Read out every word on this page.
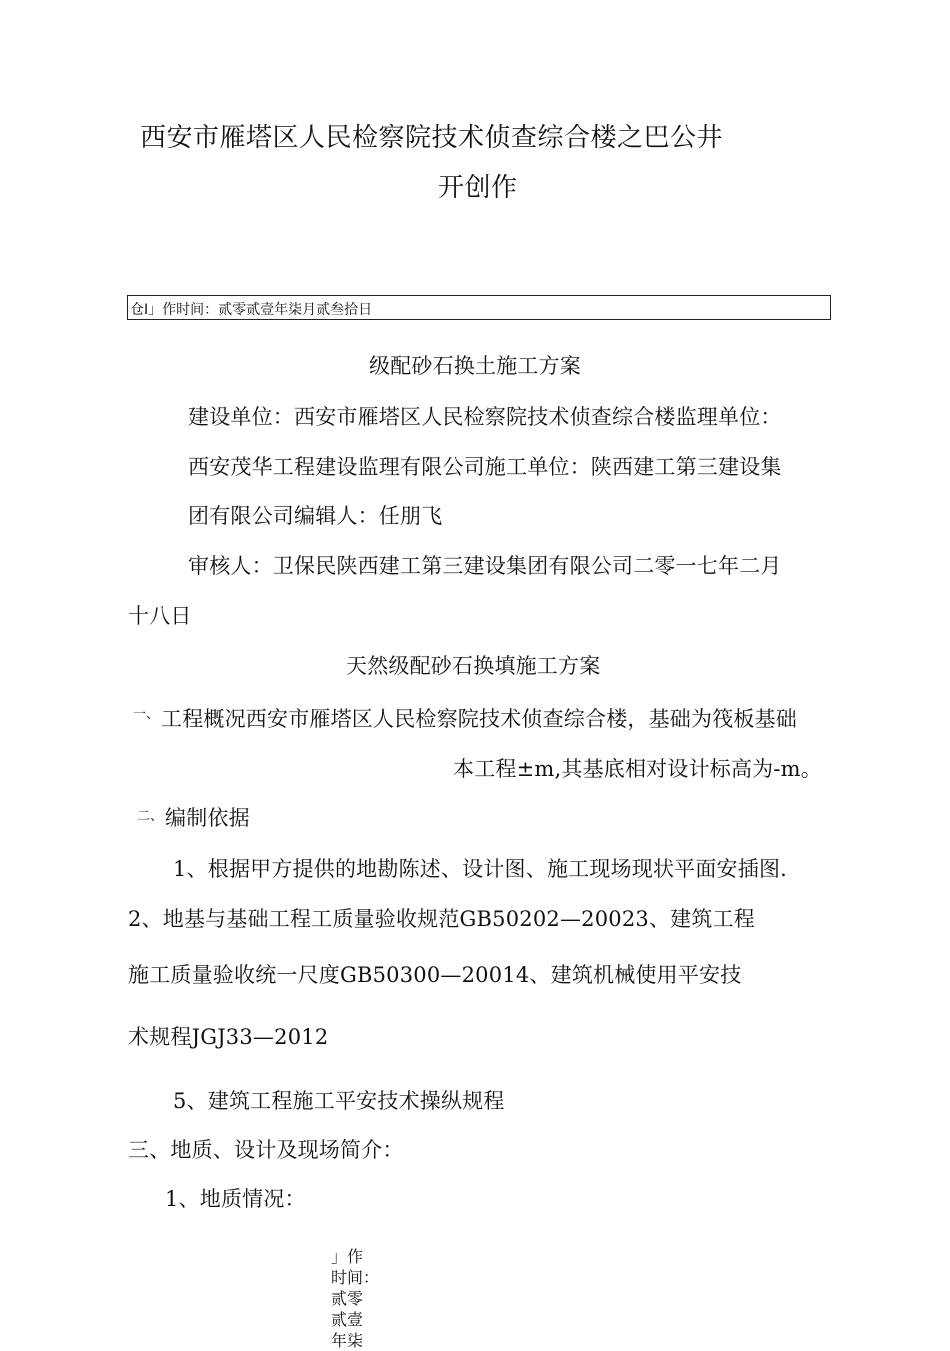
西安市雁塔区人民检察院技术侦查综合楼之巴公井
开创作
仓I」作时间：贰零贰壹年柒月贰叁拾日
级配砂石换土施工方案
建设单位：西安市雁塔区人民检察院技术侦查综合楼监理单位：
西安茂华工程建设监理有限公司施工单位：陕西建工第三建设集
团有限公司编辑人：任朋飞
审核人：卫保民陕西建工第三建设集团有限公司二零一七年二月
十八日
天然级配砂石换填施工方案
一、 工程概况西安市雁塔区人民检察院技术侦查综合楼，基础为筏板基础
本工程±m,其基底相对设计标高为-m。
二、 编制依据
1、根据甲方提供的地勘陈述、设计图、施工现场现状平面安插图.
2、地基与基础工程工质量验收规范GB50202—20023、建筑工程
施工质量验收统一尺度GB50300—20014、建筑机械使用平安技
术规程JGJ33—2012
5、建筑工程施工平安技术操纵规程
三、地质、设计及现场简介：
1、地质情况：
」作
时间：
贰零
贰壹
年柒
